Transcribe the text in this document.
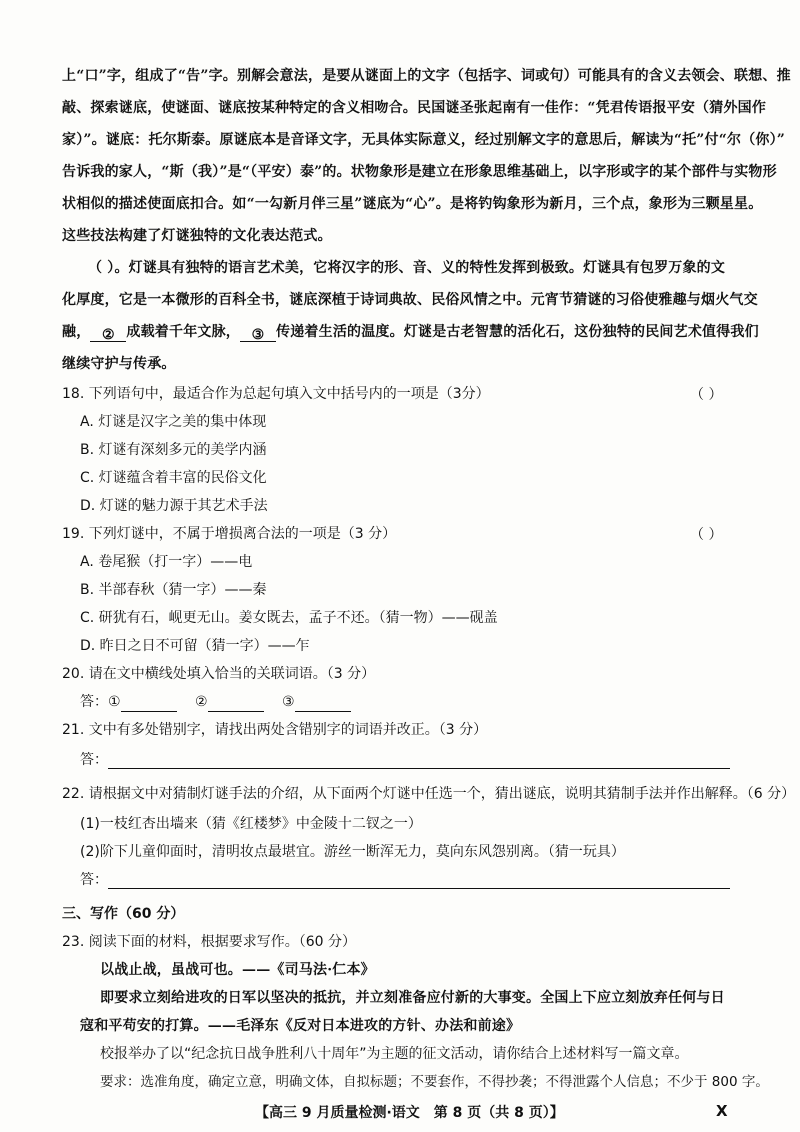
上“口”字，组成了“告”字。别解会意法，是要从谜面上的文字（包括字、词或句）可能具有的含义去领会、联想、推
敲、探索谜底，使谜面、谜底按某种特定的含义相吻合。民国谜圣张起南有一佳作：“凭君传语报平安（猜外国作
家）”。谜底：托尔斯泰。原谜底本是音译文字，无具体实际意义，经过别解文字的意思后，解读为“托”付“尔（你）”
告诉我的家人，“斯（我）”是“（平安）泰”的。状物象形是建立在形象思维基础上，以字形或字的某个部件与实物形
状相似的描述使面底扣合。如“一勾新月伴三星”谜底为“心”。是将钓钩象形为新月，三个点，象形为三颗星星。
这些技法构建了灯谜独特的文化表达范式。
（ ）。灯谜具有独特的语言艺术美，它将汉字的形、音、义的特性发挥到极致。灯谜具有包罗万象的文
化厚度，它是一本微形的百科全书，谜底深植于诗词典故、民俗风情之中。元宵节猜谜的习俗使雅趣与烟火气交
融， ② 成载着千年文脉， ③ 传递着生活的温度。灯谜是古老智慧的活化石，这份独特的民间艺术值得我们
继续守护与传承。
18. 下列语句中，最适合作为总起句填入文中括号内的一项是（3分）	（ ）
A. 灯谜是汉字之美的集中体现
B. 灯谜有深刻多元的美学内涵
C. 灯谜蕴含着丰富的民俗文化
D. 灯谜的魅力源于其艺术手法
19. 下列灯谜中，不属于增损离合法的一项是（3 分）	（ ）
A. 卷尾猴（打一字）——电
B. 半部春秋（猜一字）——秦
C. 研犹有石，岘更无山。姜女既去，孟子不还。（猜一物）——砚盖
D. 昨日之日不可留（猜一字）——乍
20. 请在文中横线处填入恰当的关联词语。（3 分）
答：①	②	③
21. 文中有多处错别字，请找出两处含错别字的词语并改正。（3 分）
答：
22. 请根据文中对猜制灯谜手法的介绍，从下面两个灯谜中任选一个，猜出谜底，说明其猜制手法并作出解释。（6 分）
(1)一枝红杏出墙来（猜《红楼梦》中金陵十二钗之一）
(2)阶下儿童仰面时，清明妆点最堪宜。游丝一断浑无力，莫向东风怨别离。（猜一玩具）
答：
三、写作（60 分）
23. 阅读下面的材料，根据要求写作。（60 分）
以战止战，虽战可也。——《司马法·仁本》
即要求立刻给进攻的日军以坚决的抵抗，并立刻准备应付新的大事变。全国上下应立刻放弃任何与日
寇和平苟安的打算。——毛泽东《反对日本进攻的方针、办法和前途》
校报举办了以“纪念抗日战争胜利八十周年”为主题的征文活动，请你结合上述材料写一篇文章。
要求：选准角度，确定立意，明确文体，自拟标题；不要套作，不得抄袭；不得泄露个人信息；不少于 800 字。
【高三 9 月质量检测·语文　第 8 页（共 8 页）】	X
